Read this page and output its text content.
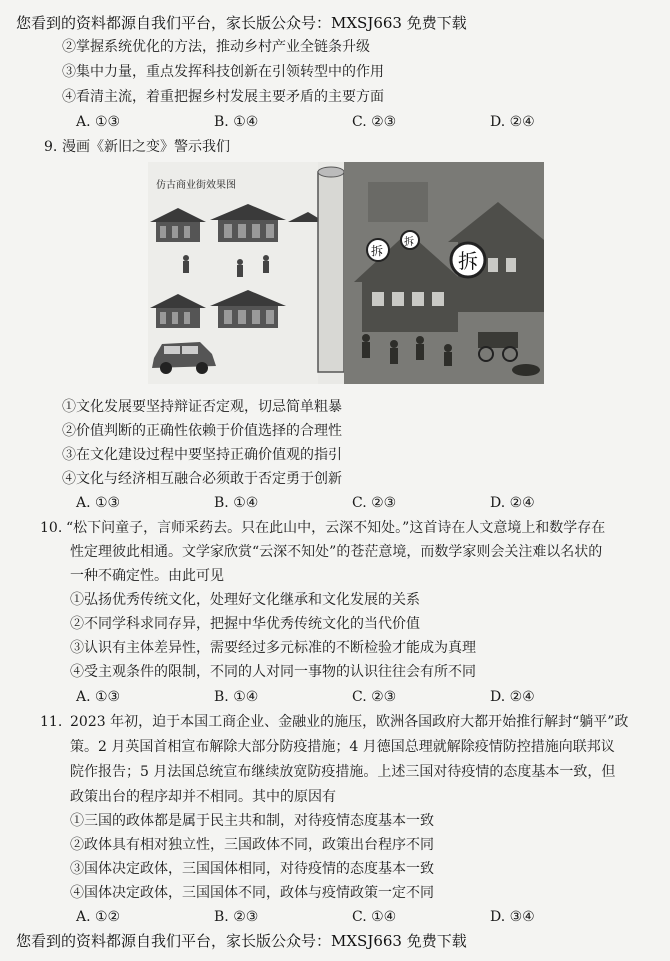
您看到的资料都源自我们平台，家长版公众号：MXSJ663 免费下载
②掌握系统优化的方法，推动乡村产业全链条升级
③集中力量，重点发挥科技创新在引领转型中的作用
④看清主流，着重把握乡村发展主要矛盾的主要方面
A. ①③	B. ①④	C. ②③	D. ②④
9. 漫画《新旧之变》警示我们
仿古商业街效果图
拆
拆
拆
①文化发展要坚持辩证否定观，切忌简单粗暴
②价值判断的正确性依赖于价值选择的合理性
③在文化建设过程中要坚持正确价值观的指引
④文化与经济相互融合必须敢于否定勇于创新
A. ①③	B. ①④	C. ②③	D. ②④
10. “松下问童子，言师采药去。只在此山中，云深不知处。”这首诗在人文意境上和数学存在
性定理彼此相通。文学家欣赏“云深不知处”的苍茫意境，而数学家则会关注难以名状的
一种不确定性。由此可见
①弘扬优秀传统文化，处理好文化继承和文化发展的关系
②不同学科求同存异，把握中华优秀传统文化的当代价值
③认识有主体差异性，需要经过多元标准的不断检验才能成为真理
④受主观条件的限制，不同的人对同一事物的认识往往会有所不同
A. ①③	B. ①④	C. ②③	D. ②④
11. 2023 年初，迫于本国工商企业、金融业的施压，欧洲各国政府大都开始推行解封“躺平”政
策。2 月英国首相宣布解除大部分防疫措施；4 月德国总理就解除疫情防控措施向联邦议
院作报告；5 月法国总统宣布继续放宽防疫措施。上述三国对待疫情的态度基本一致，但
政策出台的程序却并不相同。其中的原因有
①三国的政体都是属于民主共和制，对待疫情态度基本一致
②政体具有相对独立性，三国政体不同，政策出台程序不同
③国体决定政体，三国国体相同，对待疫情的态度基本一致
④国体决定政体，三国国体不同，政体与疫情政策一定不同
A. ①②	B. ②③	C. ①④	D. ③④
您看到的资料都源自我们平台，家长版公众号：MXSJ663 免费下载
